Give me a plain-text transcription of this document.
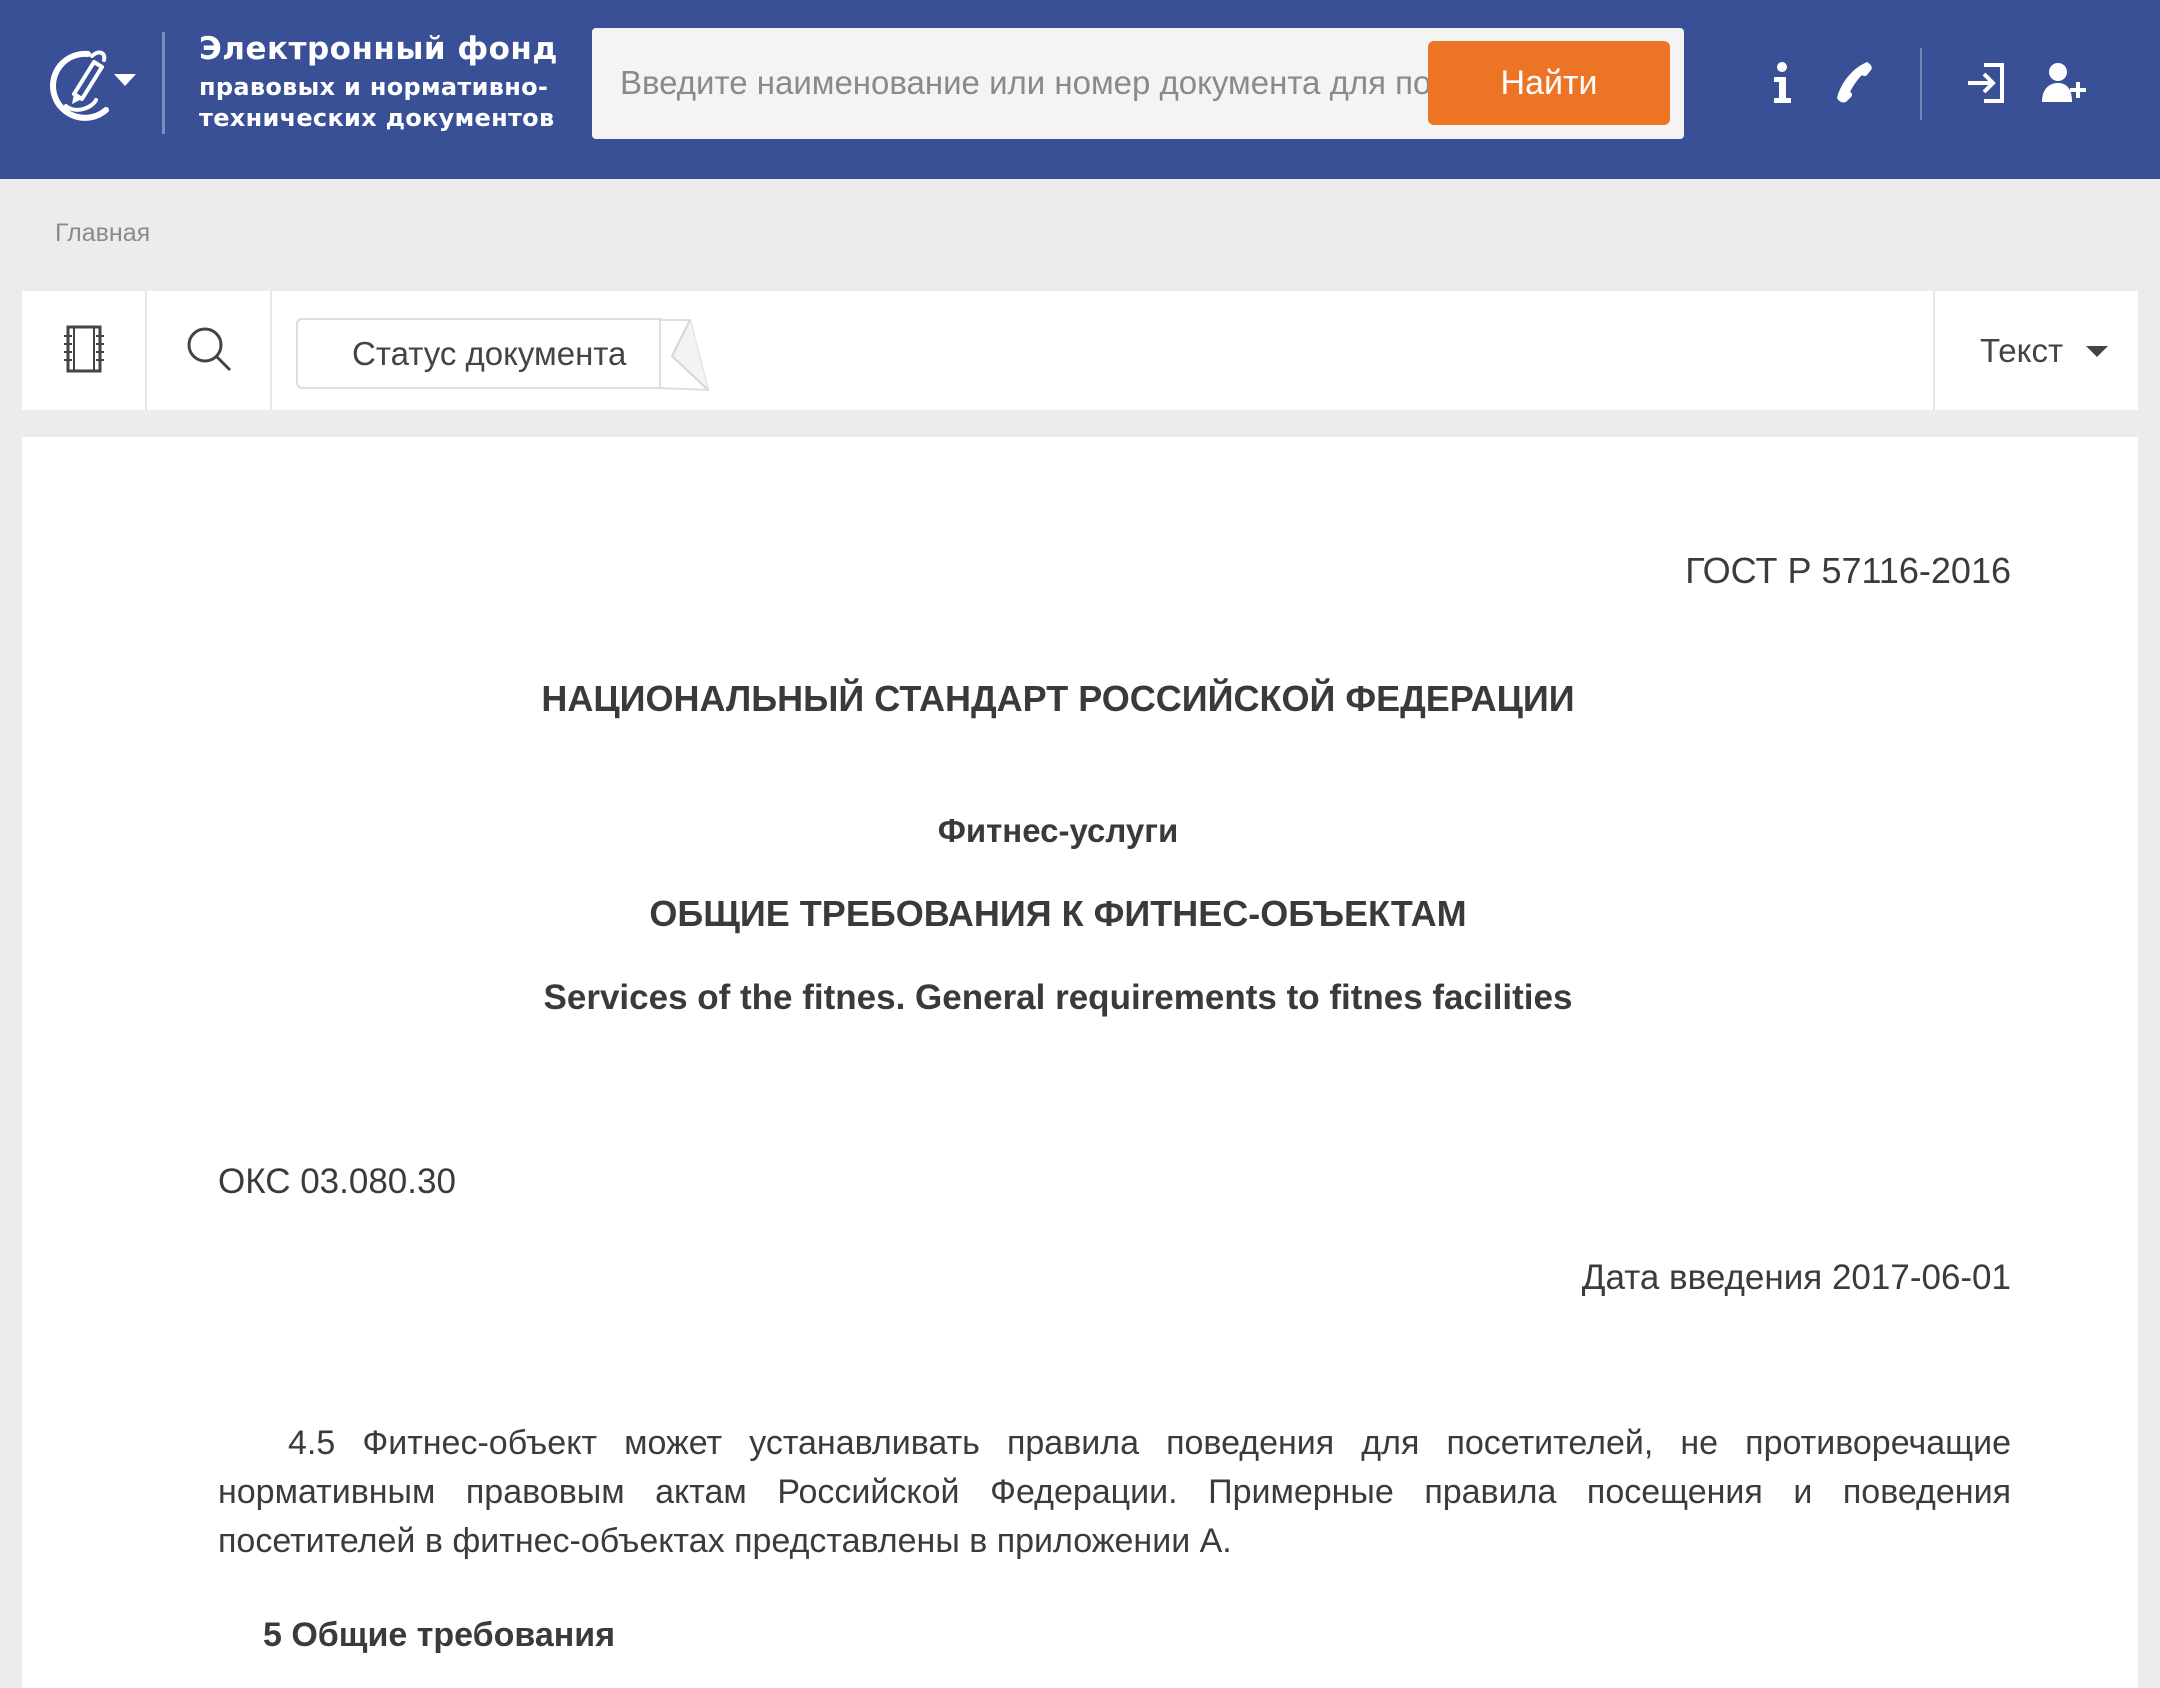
Электронный фонд
правовых и нормативно-
технических документов
Введите наименование или номер документа для поиска
Найти
Главная
Статус документа	Текст

ГОСТ Р 57116-2016

НАЦИОНАЛЬНЫЙ СТАНДАРТ РОССИЙСКОЙ ФЕДЕРАЦИИ

Фитнес-услуги

ОБЩИЕ ТРЕБОВАНИЯ К ФИТНЕС-ОБЪЕКТАМ

Services of the fitnes. General requirements to fitnes facilities

ОКС 03.080.30

Дата введения 2017-06-01

4.5 Фитнес-объект может устанавливать правила поведения для посетителей, не противоречащие нормативным правовым актам Российской Федерации. Примерные правила посещения и поведения посетителей в фитнес-объектах представлены в приложении А.

5 Общие требования
